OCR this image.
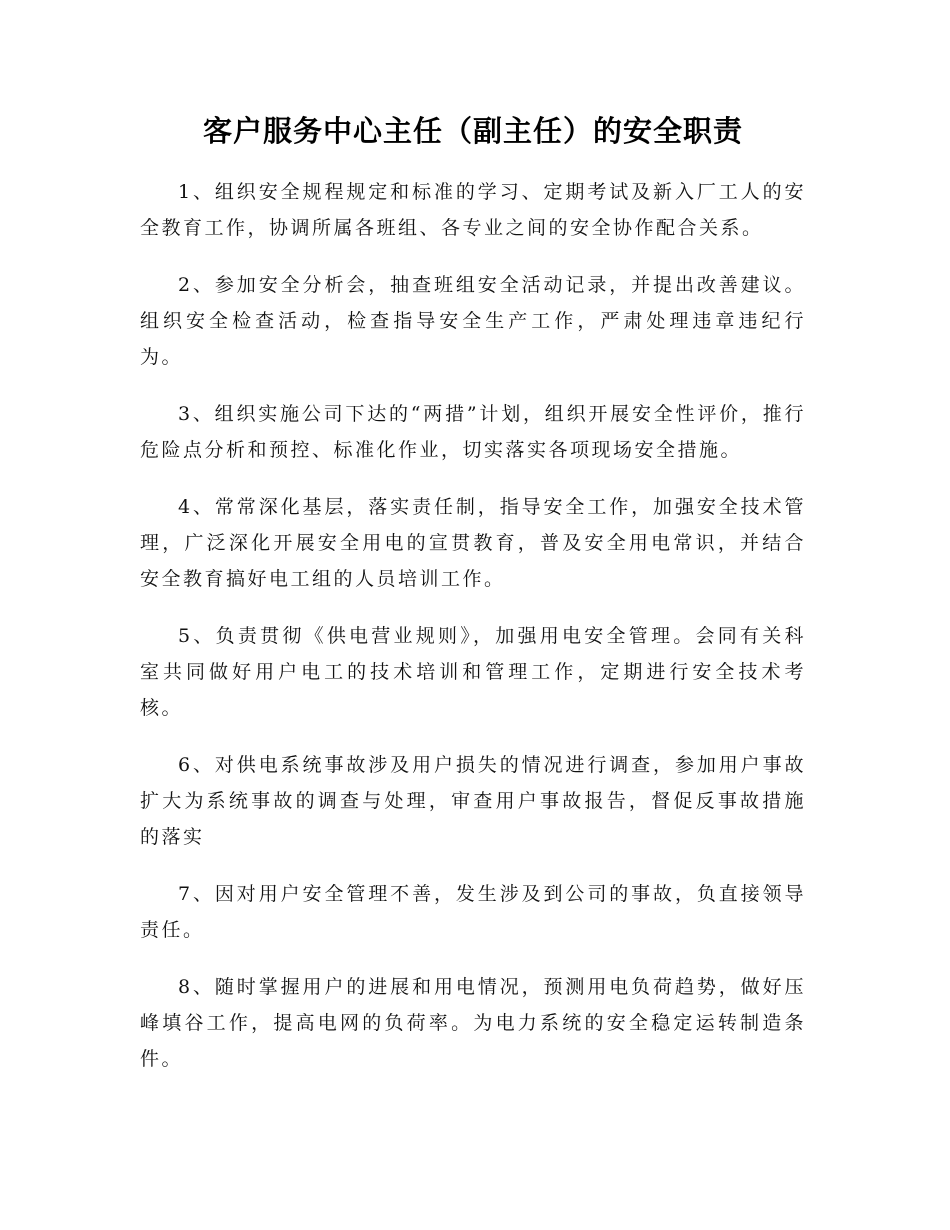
客户服务中心主任（副主任）的安全职责

1、组织安全规程规定和标准的学习、定期考试及新入厂工人的安全教育工作，协调所属各班组、各专业之间的安全协作配合关系。

2、参加安全分析会，抽查班组安全活动记录，并提出改善建议。组织安全检查活动，检查指导安全生产工作，严肃处理违章违纪行为。

3、组织实施公司下达的“两措”计划，组织开展安全性评价，推行危险点分析和预控、标准化作业，切实落实各项现场安全措施。

4、常常深化基层，落实责任制，指导安全工作，加强安全技术管理，广泛深化开展安全用电的宣贯教育，普及安全用电常识，并结合安全教育搞好电工组的人员培训工作。

5、负责贯彻《供电营业规则》，加强用电安全管理。会同有关科室共同做好用户电工的技术培训和管理工作，定期进行安全技术考核。

6、对供电系统事故涉及用户损失的情况进行调查，参加用户事故扩大为系统事故的调查与处理，审查用户事故报告，督促反事故措施的落实

7、因对用户安全管理不善，发生涉及到公司的事故，负直接领导责任。

8、随时掌握用户的进展和用电情况，预测用电负荷趋势，做好压峰填谷工作，提高电网的负荷率。为电力系统的安全稳定运转制造条件。
